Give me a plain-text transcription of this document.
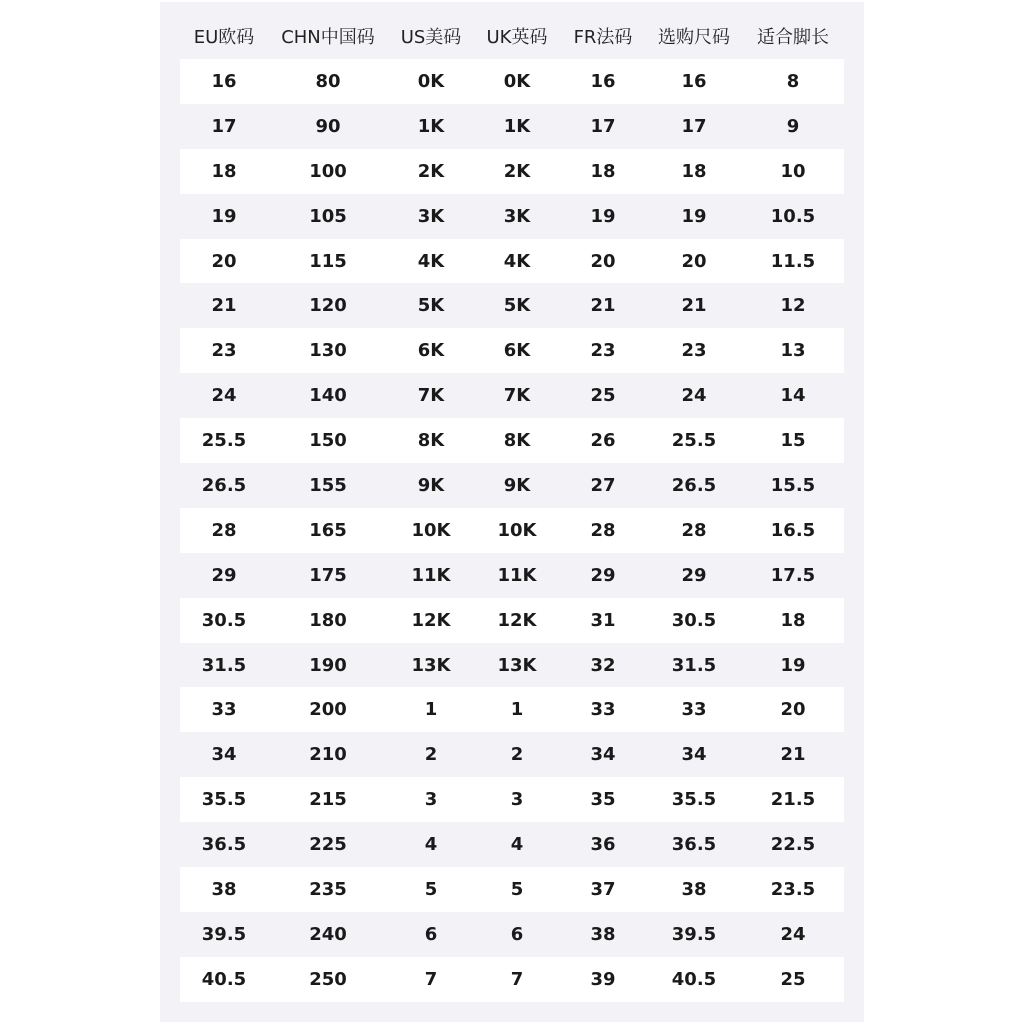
EU欧码	CHN中国码	US美码	UK英码	FR法码	选购尺码	适合脚长
16	80	0K	0K	16	16	8
17	90	1K	1K	17	17	9
18	100	2K	2K	18	18	10
19	105	3K	3K	19	19	10.5
20	115	4K	4K	20	20	11.5
21	120	5K	5K	21	21	12
23	130	6K	6K	23	23	13
24	140	7K	7K	25	24	14
25.5	150	8K	8K	26	25.5	15
26.5	155	9K	9K	27	26.5	15.5
28	165	10K	10K	28	28	16.5
29	175	11K	11K	29	29	17.5
30.5	180	12K	12K	31	30.5	18
31.5	190	13K	13K	32	31.5	19
33	200	1	1	33	33	20
34	210	2	2	34	34	21
35.5	215	3	3	35	35.5	21.5
36.5	225	4	4	36	36.5	22.5
38	235	5	5	37	38	23.5
39.5	240	6	6	38	39.5	24
40.5	250	7	7	39	40.5	25
